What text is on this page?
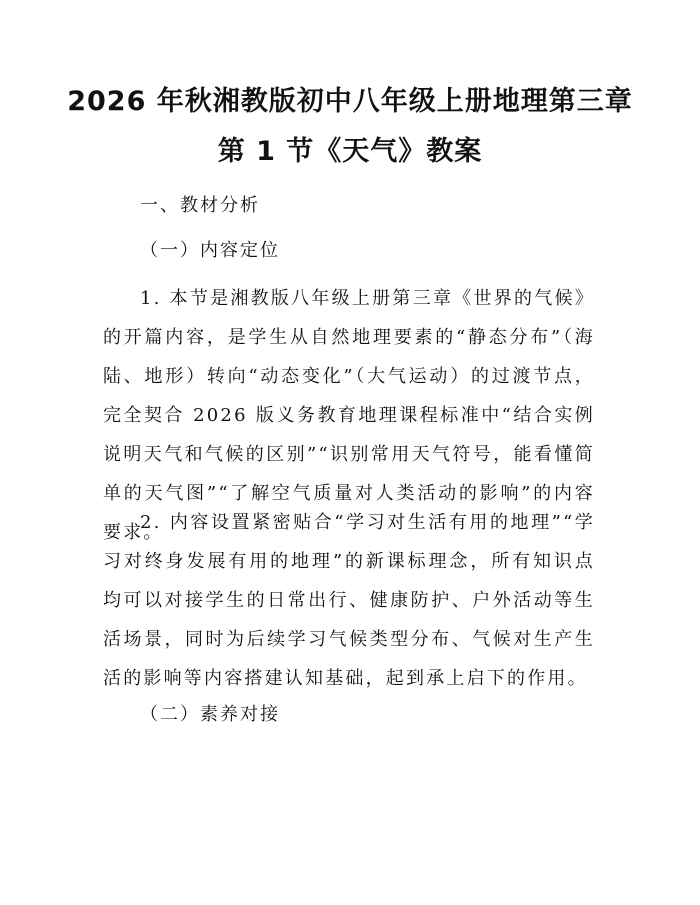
2026 年秋湘教版初中八年级上册地理第三章
第 1 节《天气》教案
一、教材分析
（一）内容定位
1. 本节是湘教版八年级上册第三章《世界的气候》的开篇内容，是学生从自然地理要素的“静态分布”（海陆、地形）转向“动态变化”（大气运动）的过渡节点，完全契合 2026 版义务教育地理课程标准中“结合实例说明天气和气候的区别”“识别常用天气符号，能看懂简单的天气图”“了解空气质量对人类活动的影响”的内容要求。
2. 内容设置紧密贴合“学习对生活有用的地理”“学习对终身发展有用的地理”的新课标理念，所有知识点均可以对接学生的日常出行、健康防护、户外活动等生活场景，同时为后续学习气候类型分布、气候对生产生活的影响等内容搭建认知基础，起到承上启下的作用。
（二）素养对接
